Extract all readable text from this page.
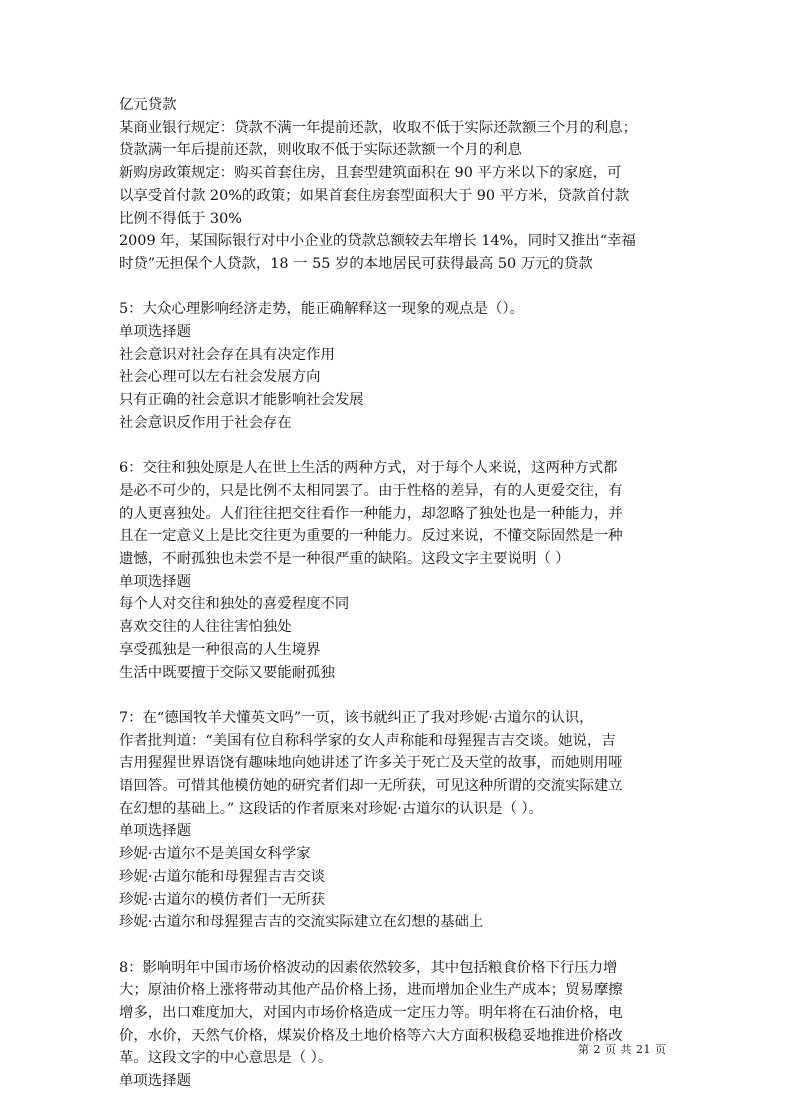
亿元贷款

某商业银行规定：贷款不满一年提前还款，收取不低于实际还款额三个月的利息；

贷款满一年后提前还款，则收取不低于实际还款额一个月的利息

新购房政策规定：购买首套住房，且套型建筑面积在 90 平方米以下的家庭，可

以享受首付款 20%的政策；如果首套住房套型面积大于 90 平方米，贷款首付款

比例不得低于 30%

2009 年，某国际银行对中小企业的贷款总额较去年增长 14%，同时又推出“幸福

时贷”无担保个人贷款，18 一 55 岁的本地居民可获得最高 50 万元的贷款

5：大众心理影响经济走势，能正确解释这一现象的观点是（）。

单项选择题

社会意识对社会存在具有决定作用

社会心理可以左右社会发展方向

只有正确的社会意识才能影响社会发展

社会意识反作用于社会存在

6：交往和独处原是人在世上生活的两种方式，对于每个人来说，这两种方式都

是必不可少的，只是比例不太相同罢了。由于性格的差异，有的人更爱交往，有

的人更喜独处。人们往往把交往看作一种能力，却忽略了独处也是一种能力，并

且在一定意义上是比交往更为重要的一种能力。反过来说，不懂交际固然是一种

遗憾，不耐孤独也未尝不是一种很严重的缺陷。这段文字主要说明（ ）

单项选择题

每个人对交往和独处的喜爱程度不同

喜欢交往的人往往害怕独处

享受孤独是一种很高的人生境界

生活中既要擅于交际又要能耐孤独

7：在“德国牧羊犬懂英文吗”一页，该书就纠正了我对珍妮·古道尔的认识，

作者批判道：“美国有位自称科学家的女人声称能和母猩猩吉吉交谈。她说，吉

吉用猩猩世界语饶有趣味地向她讲述了许多关于死亡及天堂的故事，而她则用哑

语回答。可惜其他模仿她的研究者们却一无所获，可见这种所谓的交流实际建立

在幻想的基础上。” 这段话的作者原来对珍妮·古道尔的认识是（ ）。

单项选择题

珍妮·古道尔不是美国女科学家

珍妮·古道尔能和母猩猩吉吉交谈

珍妮·古道尔的模仿者们一无所获

珍妮·古道尔和母猩猩吉吉的交流实际建立在幻想的基础上

8：影响明年中国市场价格波动的因素依然较多，其中包括粮食价格下行压力增

大；原油价格上涨将带动其他产品价格上扬，进而增加企业生产成本；贸易摩擦

增多，出口难度加大，对国内市场价格造成一定压力等。明年将在石油价格，电

价，水价，天然气价格，煤炭价格及土地价格等六大方面积极稳妥地推进价格改

革。这段文字的中心意思是（ ）。

单项选择题

第 2 页 共 21 页
